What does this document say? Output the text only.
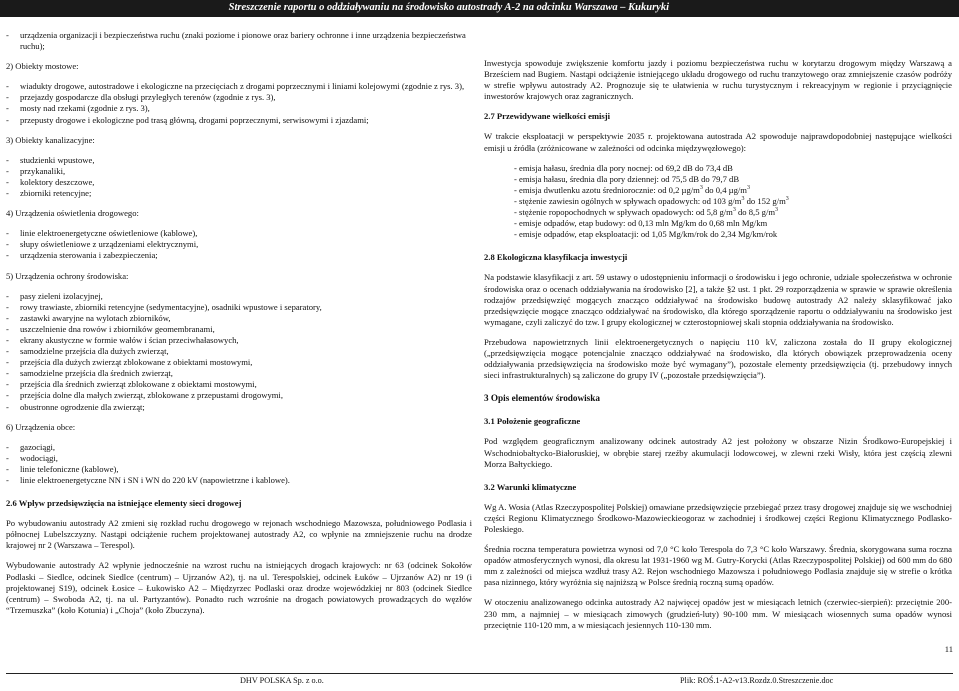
Streszczenie raportu o oddziaływaniu na środowisko autostrady A-2 na odcinku Warszawa – Kukuryki
- urządzenia organizacji i bezpieczeństwa ruchu (znaki poziome i pionowe oraz bariery ochronne i inne urządzenia bezpieczeństwa ruchu);

2) Obiekty mostowe:

- wiadukty drogowe, autostradowe i ekologiczne na przecięciach z drogami poprzecznymi i liniami kolejowymi (zgodnie z rys. 3),
- przejazdy gospodarcze dla obsługi przyległych terenów (zgodnie z rys. 3),
- mosty nad rzekami (zgodnie z rys. 3),
- przepusty drogowe i ekologiczne pod trasą główną, drogami poprzecznymi, serwisowymi i zjazdami;

3) Obiekty kanalizacyjne:

- studzienki wpustowe,
- przykanaliki,
- kolektory deszczowe,
- zbiorniki retencyjne;

4) Urządzenia oświetlenia drogowego:

- linie elektroenergetyczne oświetleniowe (kablowe),
- słupy oświetleniowe z urządzeniami elektrycznymi,
- urządzenia sterowania i zabezpieczenia;

5) Urządzenia ochrony środowiska:

- pasy zieleni izolacyjnej,
- rowy trawiaste, zbiorniki retencyjne (sedymentacyjne), osadniki wpustowe i separatory,
- zastawki awaryjne na wylotach zbiorników,
- uszczelnienie dna rowów i zbiorników geomembranami,
- ekrany akustyczne w formie wałów i ścian przeciwhałasowych,
- samodzielne przejścia dla dużych zwierząt,
- przejścia dla dużych zwierząt zblokowane z obiektami mostowymi,
- samodzielne przejścia dla średnich zwierząt,
- przejścia dla średnich zwierząt zblokowane z obiektami mostowymi,
- przejścia dolne dla małych zwierząt, zblokowane z przepustami drogowymi,
- obustronne ogrodzenie dla zwierząt;

6) Urządzenia obce:

- gazociągi,
- wodociągi,
- linie telefoniczne (kablowe),
- linie elektroenergetyczne NN i SN i WN do 220 kV (napowietrzne i kablowe).

2.6 Wpływ przedsięwzięcia na istniejące elementy sieci drogowej

Po wybudowaniu autostrady A2 zmieni się rozkład ruchu drogowego w rejonach wschodniego Mazowsza, południowego Podlasia i północnej Lubelszczyzny. Nastąpi odciążenie ruchem projektowanej autostrady A2, co wpłynie na zmniejszenie ruchu na drodze krajowej nr 2 (Warszawa – Terespol).

Wybudowanie autostrady A2 wpłynie jednocześnie na wzrost ruchu na istniejących drogach krajowych: nr 63 (odcinek Sokołów Podlaski – Siedlce, odcinek Siedlce (centrum) – Ujrzanów A2), tj. na ul. Terespolskiej, odcinek Łuków – Ujrzanów A2) nr 19 (i projektowanej S19), odcinek Łosice – Łukowisko A2 – Międzyrzec Podlaski oraz drodze wojewódzkiej nr 803 (odcinek Siedlce (centrum) – Swoboda A2, tj. na ul. Partyzantów). Ponadto ruch wzrośnie na drogach powiatowych prowadzących do węzłów “Trzemuszka” (koło Kotunia) i „Choja” (koło Zbuczyna).

Inwestycja spowoduje zwiększenie komfortu jazdy i poziomu bezpieczeństwa ruchu w korytarzu drogowym między Warszawą a Brześciem nad Bugiem. Nastąpi odciążenie istniejącego układu drogowego od ruchu tranzytowego oraz zmniejszenie czasów podróży w strefie wpływu autostrady A2. Prognozuje się te ułatwienia w ruchu turystycznym i rekreacyjnym w regionie i przyciągnięcie inwestorów krajowych oraz zagranicznych.

2.7 Przewidywane wielkości emisji

W trakcie eksploatacji w perspektywie 2035 r. projektowana autostrada A2 spowoduje najprawdopodobniej następujące wielkości emisji u źródła (zróżnicowane w zależności od odcinka międzywęzłowego):

- emisja hałasu, średnia dla pory nocnej: od 69,2 dB do 73,4 dB
- emisja hałasu, średnia dla pory dziennej: od 75,5 dB do 79,7 dB
- emisja dwutlenku azotu średniorocznie: od 0,2 $\mu g/m^3$ do 0,4 $\mu g/m^3$
- stężenie zawiesin ogólnych w spływach opadowych: od 103 $g/m^3$ do 152 $g/m^3$
- stężenie ropopochodnych w spływach opadowych: od 5,8 $g/m^3$ do 8,5 $g/m^3$
- emisje odpadów, etap budowy: od 0,13 mln Mg/km do 0,68 mln Mg/km
- emisje odpadów, etap eksploatacji: od 1,05 Mg/km/rok do 2,34 Mg/km/rok

2.8 Ekologiczna klasyfikacja inwestycji

Na podstawie klasyfikacji z art. 59 ustawy o udostępnieniu informacji o środowisku i jego ochronie, udziale społeczeństwa w ochronie środowiska oraz o ocenach oddziaływania na środowisko [2], a także §2 ust. 1 pkt. 29 rozporządzenia w sprawie w sprawie określenia rodzajów przedsięwzięć mogących znacząco oddziaływać na środowisko budowę autostrady A2 należy sklasyfikować jako przedsięwzięcie mogące znacząco oddziaływać na środowisko, dla którego sporządzenie raportu o oddziaływaniu na środowisko jest wymagane, czyli zaliczyć do tzw. I grupy ekologicznej w czterostopniowej skali stopnia oddziaływania na środowisko.

Przebudowa napowietrznych linii elektroenergetycznych o napięciu 110 kV, zaliczona została do II grupy ekologicznej („przedsięwzięcia mogące potencjalnie znacząco oddziaływać na środowisko, dla których obowiązek przeprowadzenia oceny oddziaływania przedsięwzięcia na środowisko może być wymagany”), pozostałe elementy przedsięwzięcia (tj. przebudowy innych sieci infrastrukturalnych) są zaliczone do grupy IV („pozostałe przedsięwzięcia”).

3 Opis elementów środowiska

3.1 Położenie geograficzne

Pod względem geograficznym analizowany odcinek autostrady A2 jest położony w obszarze Nizin Środkowo-Europejskiej i Wschodniobałtycko-Białoruskiej, w obrębie starej rzeźby akumulacji lodowcowej, w zlewni rzeki Wisły, która jest częścią zlewni Morza Bałtyckiego.

3.2 Warunki klimatyczne

Wg A. Wosia (Atlas Rzeczypospolitej Polskiej) omawiane przedsięwzięcie przebiegać przez trasy drogowej znajduje się we wschodniej części Regionu Klimatycznego Środkowo-Mazowieckieogoraz w zachodniej i środkowej części Regionu Klimatycznego Podlasko-Poleskiego.

Średnia roczna temperatura powietrza wynosi od 7,0 °C koło Terespola do 7,3 °C koło Warszawy. Średnia, skorygowana suma roczna opadów atmosferycznych wynosi, dla okresu lat 1931-1960 wg M. Gutry-Korycki (Atlas Rzeczypospolitej Polskiej) od 600 mm do 680 mm z zależności od miejsca wzdłuż trasy A2. Rejon wschodniego Mazowsza i południowego Podlasia znajduje się w strefie o krótka pasa nizinnego, który wyróżnia się najniższą w Polsce średnią roczną sumą opadów.

W otoczeniu analizowanego odcinka autostrady A2 najwięcej opadów jest w miesiącach letnich (czerwiec-sierpień): przeciętnie 200-230 mm, a najmniej – w miesiącach zimowych (grudzień-luty) 90-100 mm. W miesiącach wiosennych suma opadów wynosi przeciętnie 110-120 mm, a w miesiącach jesiennych 110-130 mm.

11
DHV POLSKA Sp. z o.o.	Plik: ROŚ.1-A2-v13.Rozdz.0.Streszczenie.doc
